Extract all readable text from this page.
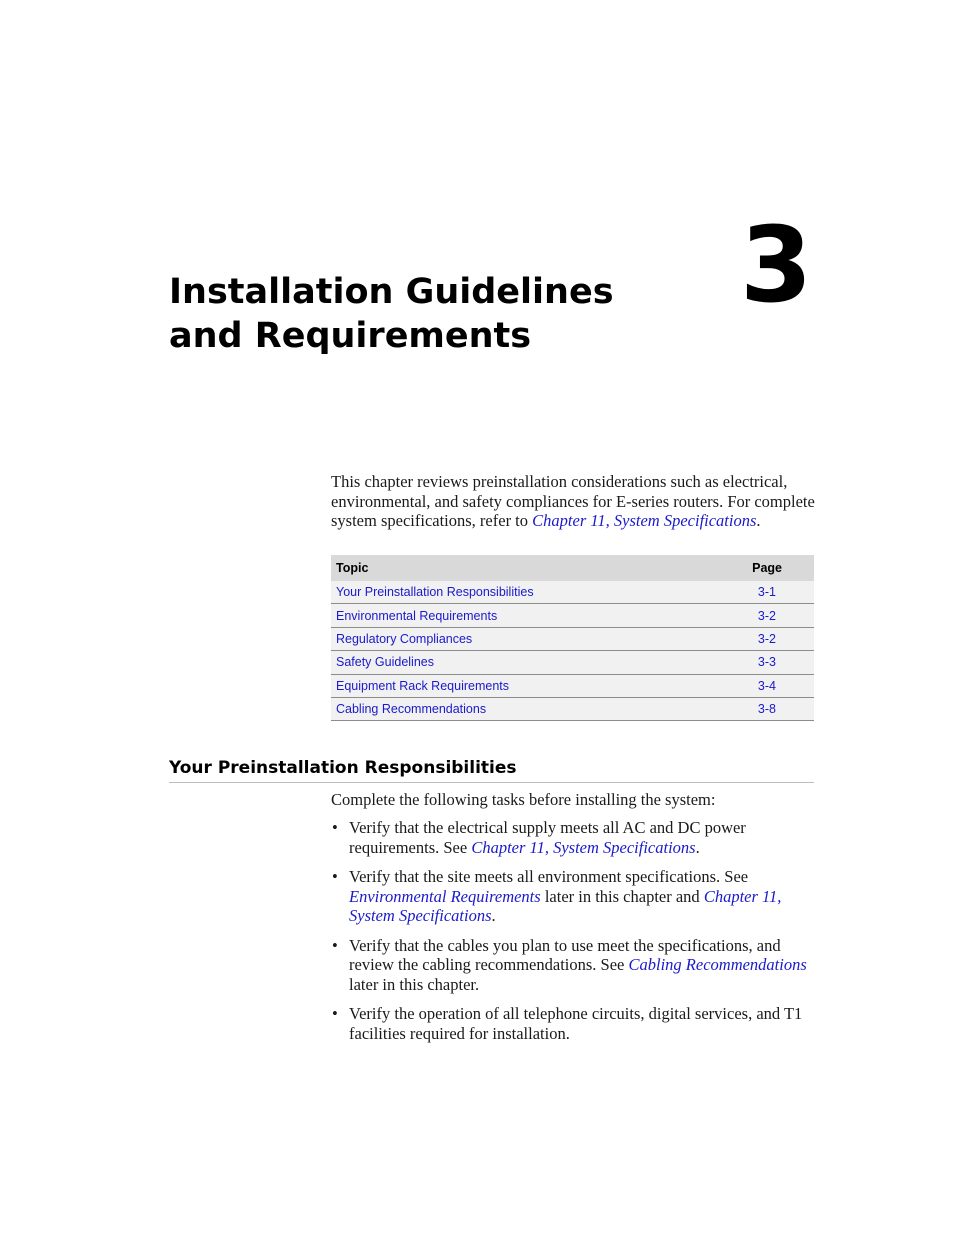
Installation Guidelines
and Requirements
3

This chapter reviews preinstallation considerations such as electrical, environmental, and safety compliances for E-series routers. For complete system specifications, refer to Chapter 11, System Specifications.

Topic	Page
Your Preinstallation Responsibilities	3-1
Environmental Requirements	3-2
Regulatory Compliances	3-2
Safety Guidelines	3-3
Equipment Rack Requirements	3-4
Cabling Recommendations	3-8
Your Preinstallation Responsibilities

Complete the following tasks before installing the system:

• Verify that the electrical supply meets all AC and DC power requirements. See Chapter 11, System Specifications.
• Verify that the site meets all environment specifications. See Environmental Requirements later in this chapter and Chapter 11, System Specifications.
• Verify that the cables you plan to use meet the specifications, and review the cabling recommendations. See Cabling Recommendations later in this chapter.
• Verify the operation of all telephone circuits, digital services, and T1 facilities required for installation.
